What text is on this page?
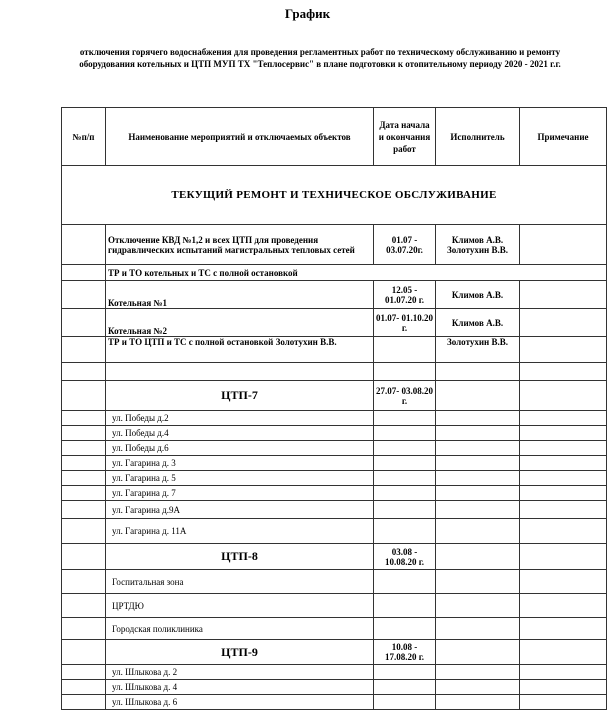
График
отключения горячего водоснабжения для проведения регламентных работ по техническому обслуживанию и ремонту оборудования котельных и ЦТП МУП ТХ "Теплосервис" в плане подготовки к отопительному периоду 2020 - 2021 г.г.
№п/п	Наименование мероприятий и отключаемых объектов	Дата начала и окончания работ	Исполнитель	Примечание
ТЕКУЩИЙ РЕМОНТ И ТЕХНИЧЕСКОЕ ОБСЛУЖИВАНИЕ				
	Отключение КВД №1,2 и всех ЦТП для проведения гидравлических испытаний магистральных тепловых сетей	01.07 - 03.07.20г.	Климов А.В. Золотухин В.В.	
	ТР и ТО котельных и ТС с полной остановкой			
	Котельная №1	12.05 - 01.07.20 г.	Климов А.В.	
	Котельная №2	01.07- 01.10.20 г.	Климов А.В.	
	ТР и ТО ЦТП и ТС с полной остановкой Золотухин В.В.		Золотухин В.В.	

	ЦТП-7	27.07- 03.08.20 г.		
	ул. Победы д.2			
	ул. Победы д.4			
	ул. Победы д.6			
	ул. Гагарина д. 3			
	ул. Гагарина д. 5			
	ул. Гагарина д. 7			
	ул. Гагарина д.9А			
	ул. Гагарина д. 11А			
	ЦТП-8	03.08 - 10.08.20 г.		
	Госпитальная зона			
	ЦРТДЮ			
	Городская поликлиника			
	ЦТП-9	10.08 - 17.08.20 г.		
	ул. Шлыкова д. 2			
	ул. Шлыкова д. 4			
	ул. Шлыкова д. 6			
